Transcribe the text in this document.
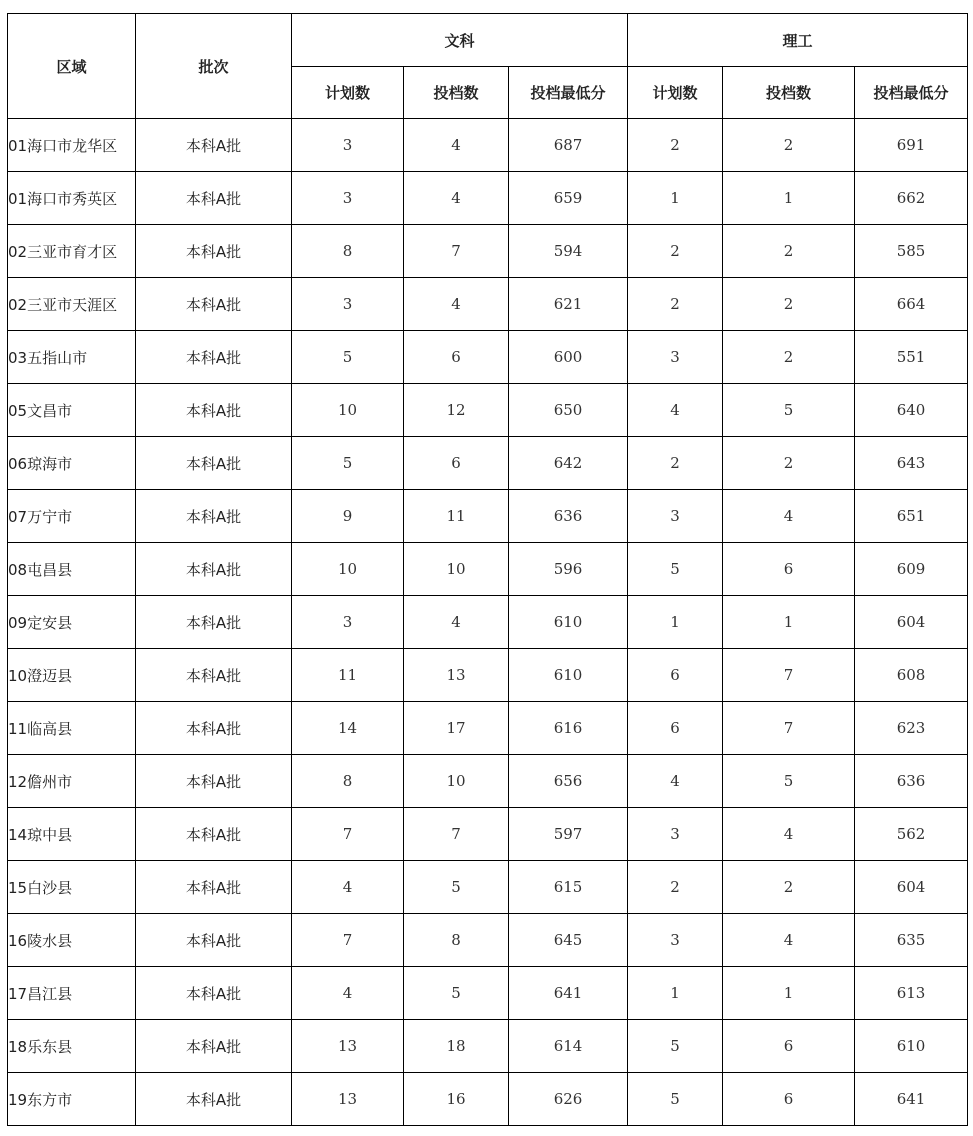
区域	批次	文科			理工		
		计划数	投档数	投档最低分	计划数	投档数	投档最低分
01海口市龙华区	本科A批	3	4	687	2	2	691
01海口市秀英区	本科A批	3	4	659	1	1	662
02三亚市育才区	本科A批	8	7	594	2	2	585
02三亚市天涯区	本科A批	3	4	621	2	2	664
03五指山市	本科A批	5	6	600	3	2	551
05文昌市	本科A批	10	12	650	4	5	640
06琼海市	本科A批	5	6	642	2	2	643
07万宁市	本科A批	9	11	636	3	4	651
08屯昌县	本科A批	10	10	596	5	6	609
09定安县	本科A批	3	4	610	1	1	604
10澄迈县	本科A批	11	13	610	6	7	608
11临高县	本科A批	14	17	616	6	7	623
12儋州市	本科A批	8	10	656	4	5	636
14琼中县	本科A批	7	7	597	3	4	562
15白沙县	本科A批	4	5	615	2	2	604
16陵水县	本科A批	7	8	645	3	4	635
17昌江县	本科A批	4	5	641	1	1	613
18乐东县	本科A批	13	18	614	5	6	610
19东方市	本科A批	13	16	626	5	6	641
